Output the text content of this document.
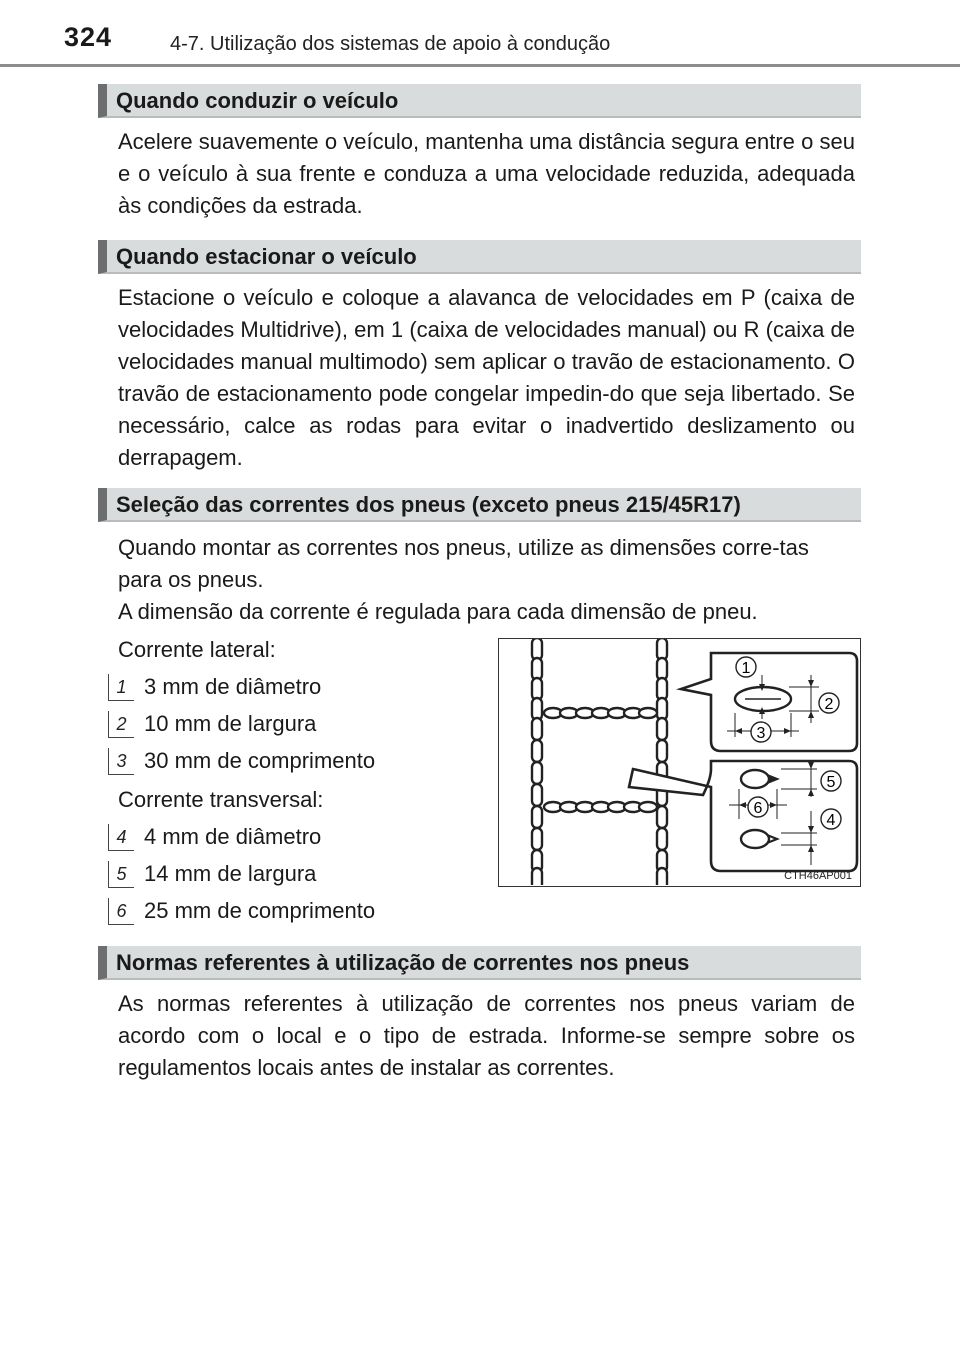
324	4-7. Utilização dos sistemas de apoio à condução
Quando conduzir o veículo

Acelere suavemente o veículo, mantenha uma distância segura entre o seu e o veículo à sua frente e conduza a uma velocidade reduzida, adequada às condições da estrada.

Quando estacionar o veículo

Estacione o veículo e coloque a alavanca de velocidades em P (caixa de velocidades Multidrive), em 1 (caixa de velocidades manual) ou R (caixa de velocidades manual multimodo) sem aplicar o travão de estacionamento. O travão de estacionamento pode congelar impedin-do que seja libertado. Se necessário, calce as rodas para evitar o inadvertido deslizamento ou derrapagem.

Seleção das correntes dos pneus (exceto pneus 215/45R17)

Quando montar as correntes nos pneus, utilize as dimensões corre-tas para os pneus.

A dimensão da corrente é regulada para cada dimensão de pneu.
Corrente lateral:
1 3 mm de diâmetro
2 10 mm de largura
3 30 mm de comprimento
Corrente transversal:
4 4 mm de diâmetro
5 14 mm de largura
6 25 mm de comprimento
1
2
3
5
4
6
CTH46AP001
Normas referentes à utilização de correntes nos pneus

As normas referentes à utilização de correntes nos pneus variam de acordo com o local e o tipo de estrada. Informe-se sempre sobre os regulamentos locais antes de instalar as correntes.
